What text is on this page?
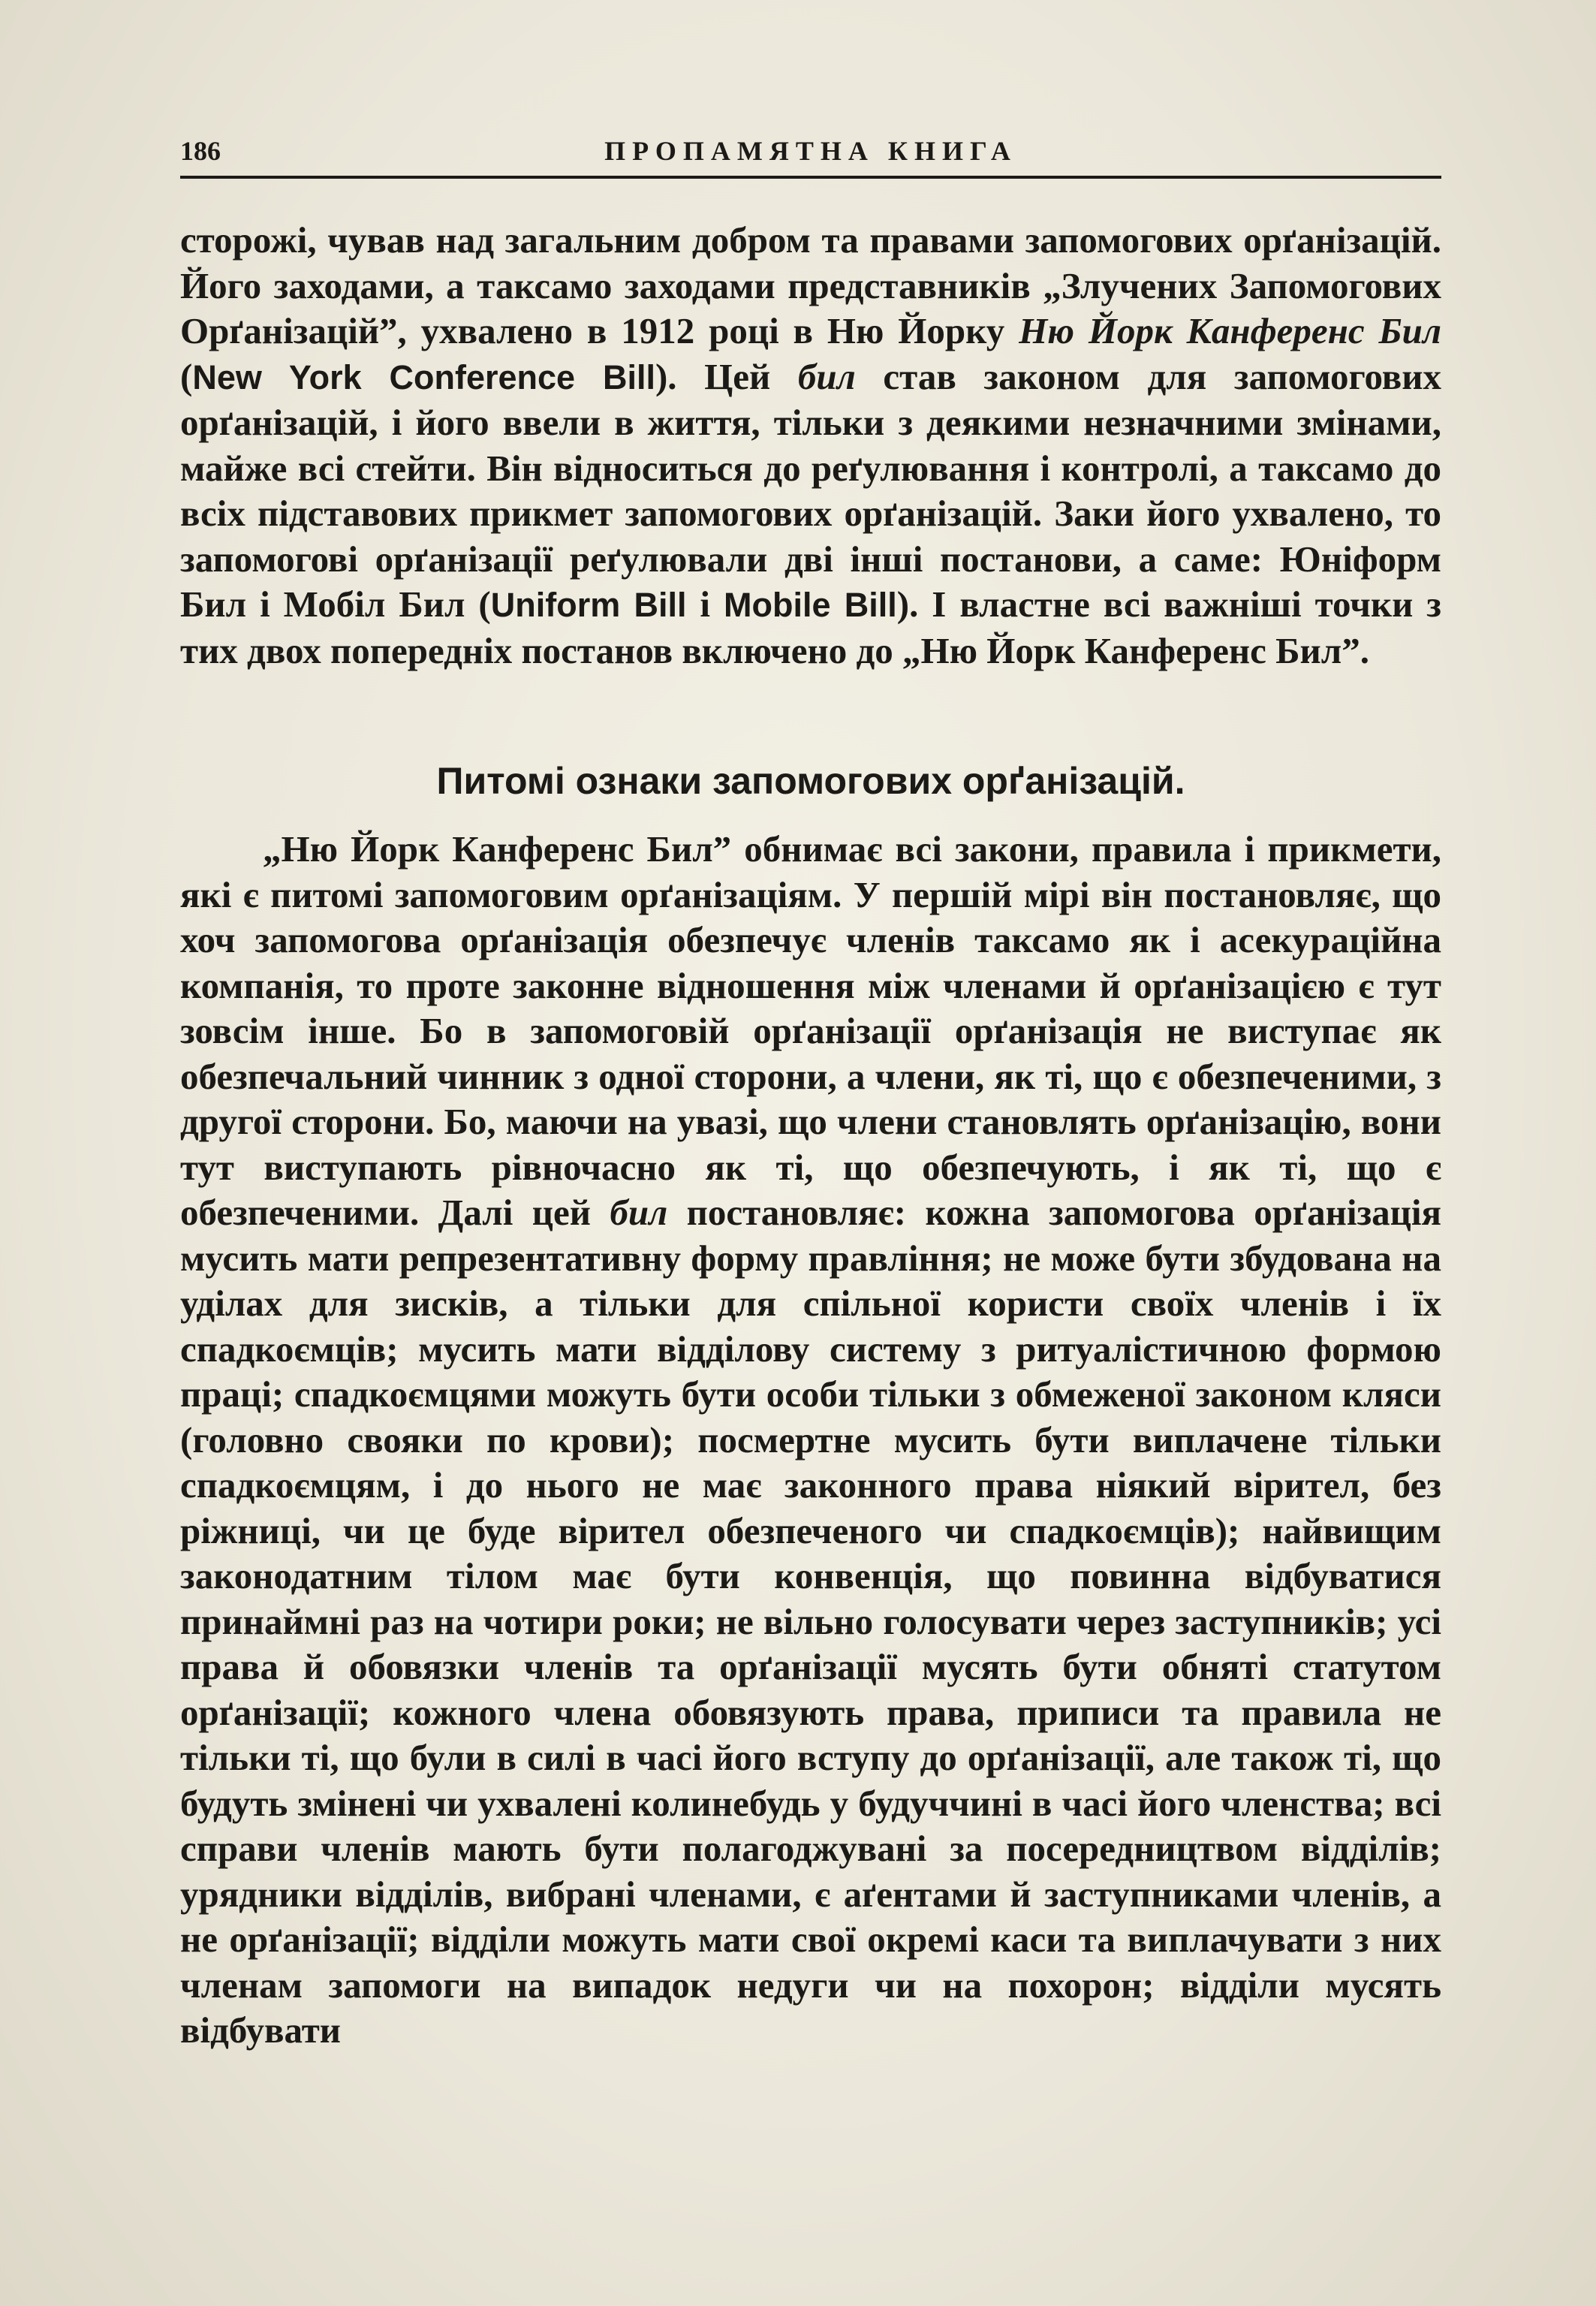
186	ПРОПАМЯТНА КНИГА

сторожі, чував над загальним добром та правами запомогових орґанізацій. Його заходами, а таксамо заходами представників „Злучених Запомогових Орґанізацій”, ухвалено в 1912 році в Ню Йорку Ню Йорк Канференс Бил (New York Conference Bill). Цей бил став законом для запомогових орґанізацій, і його ввели в життя, тільки з деякими незначними змінами, майже всі стейти. Він відноситься до реґулювання і контролі, а таксамо до всіх підставових прикмет запомогових орґанізацій. Заки його ухвалено, то запомогові орґанізації реґулювали дві інші постанови, а саме: Юніформ Бил і Мобіл Бил (Uniform Bill і Mobile Bill). І властне всі важніші точки з тих двох попередніх постанов включено до „Ню Йорк Канференс Бил”.

Питомі ознаки запомогових орґанізацій.

„Ню Йорк Канференс Бил” обнимає всі закони, правила і прикмети, які є питомі запомоговим орґанізаціям. У першій мірі він постановляє, що хоч запомогова орґанізація обезпечує членів таксамо як і асекураційна компанія, то проте законне відношення між членами й орґанізацією є тут зовсім інше. Бо в запомоговій орґанізації орґанізація не виступає як обезпечальний чинник з одної сторони, а члени, як ті, що є обезпеченими, з другої сторони. Бо, маючи на увазі, що члени становлять орґанізацію, вони тут виступають рівночасно як ті, що обезпечують, і як ті, що є обезпеченими. Далі цей бил постановляє: кожна запомогова орґанізація мусить мати репрезентативну форму правління; не може бути збудована на уділах для зисків, а тільки для спільної користи своїх членів і їх спадкоємців; мусить мати віддiлову систему з ритуалістичною формою праці; спадкоємцями можуть бути особи тільки з обмеженої законом кляси (головно свояки по крови); посмертне мусить бути виплачене тільки спадкоємцям, і до нього не має законного права ніякий вірител, без ріжниці, чи це буде вірител обезпеченого чи спадкоємців); найвищим законодатним тілом має бути конвенція, що повинна відбуватися принаймні раз на чотири роки; не вільно голосувати через заступників; усі права й обовязки членів та орґанізації мусять бути обняті статутом орґанізації; кожного члена обовязують права, приписи та правила не тільки ті, що були в силі в часі його вступу до орґанізації, але також ті, що будуть змінені чи ухвалені колинебудь у будуччині в часі його членства; всі справи членів мають бути полагоджувані за посередництвом віддiлів; урядники віддiлів, вибрані членами, є аґентами й заступниками членів, а не орґанізації; віддiли можуть мати свої окремі каси та виплачувати з них членам запомоги на випадок недуги чи на похорон; віддiли мусять відбувати
